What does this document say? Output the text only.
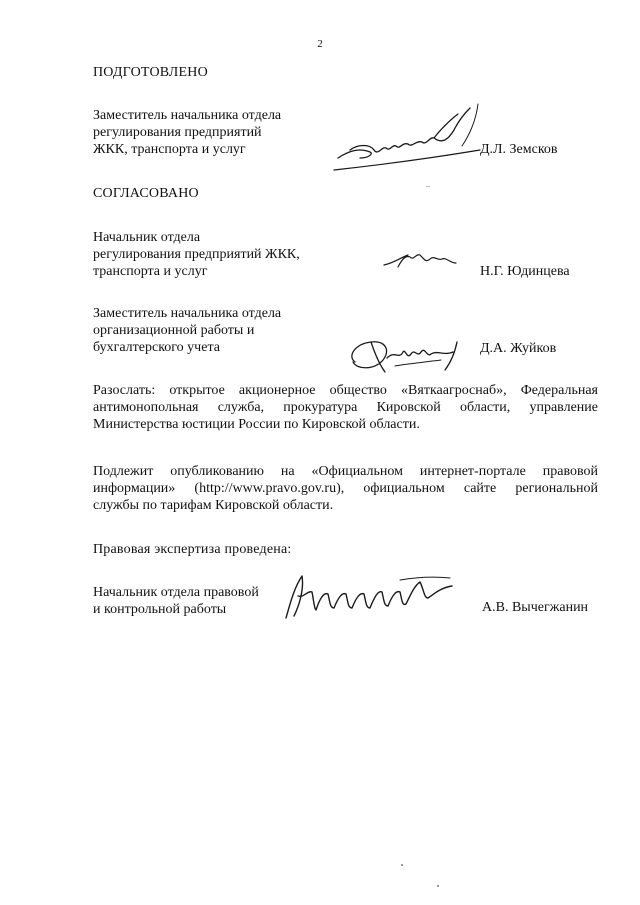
2
ПОДГОТОВЛЕНО
Заместитель начальника отдела
регулирования предприятий
ЖКК, транспорта и услуг	Д.Л. Земсков
СОГЛАСОВАНО
Начальник отдела
регулирования предприятий ЖКК,
транспорта и услуг	Н.Г. Юдинцева
Заместитель начальника отдела
организационной работы и
бухгалтерского учета	Д.А. Жуйков
Разослать: открытое акционерное общество «Вяткаагроснаб», Федеральная
антимонопольная служба, прокуратура Кировской области, управление
Министерства юстиции России по Кировской области.
Подлежит опубликованию на «Официальном интернет-портале правовой
информации» (http://www.pravo.gov.ru), официальном сайте региональной
службы по тарифам Кировской области.
Правовая экспертиза проведена:
Начальник отдела правовой
и контрольной работы	А.В. Вычегжанин
